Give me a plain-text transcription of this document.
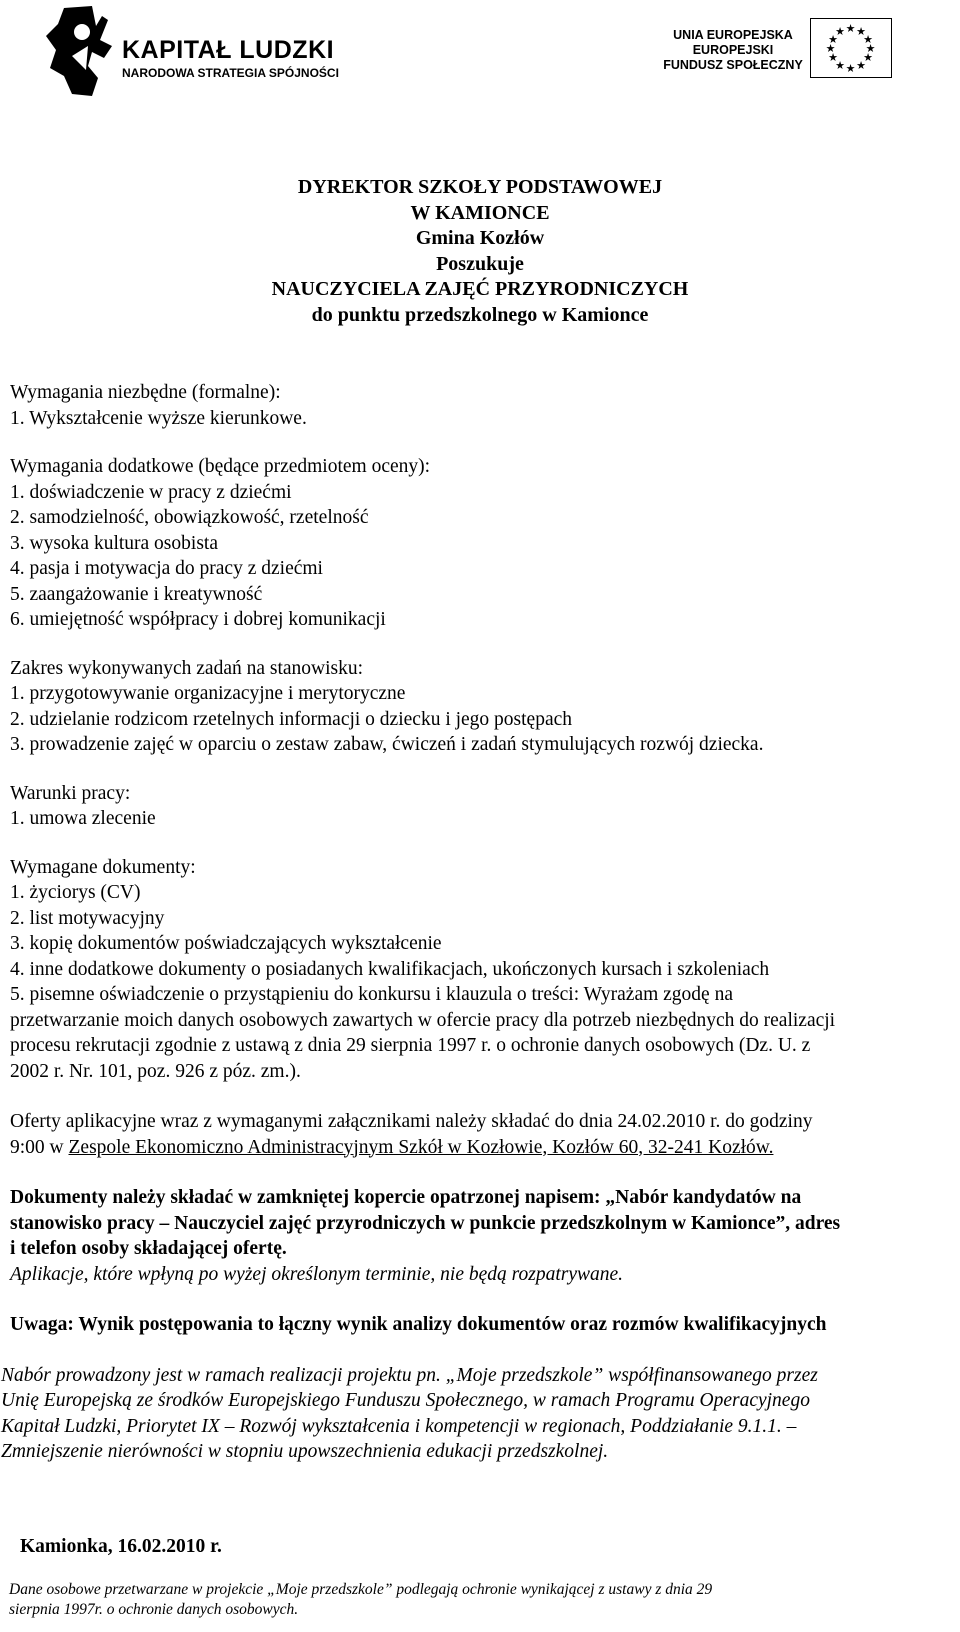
KAPITAŁ LUDZKI
NARODOWA STRATEGIA SPÓJNOŚCI
UNIA EUROPEJSKA
EUROPEJSKI
FUNDUSZ SPOŁECZNY
★ ★
★
★
★
★
★
★
★
★
★
★
DYREKTOR SZKOŁY PODSTAWOWEJ
W KAMIONCE
Gmina Kozłów
Poszukuje
NAUCZYCIELA ZAJĘĆ PRZYRODNICZYCH
do punktu przedszkolnego w Kamionce
Wymagania niezbędne (formalne):
1. Wykształcenie wyższe kierunkowe.
Wymagania dodatkowe (będące przedmiotem oceny):
1. doświadczenie w pracy z dziećmi
2. samodzielność, obowiązkowość, rzetelność
3. wysoka kultura osobista
4. pasja i motywacja do pracy z dziećmi
5. zaangażowanie i kreatywność
6. umiejętność współpracy i dobrej komunikacji
Zakres wykonywanych zadań na stanowisku:
1. przygotowywanie organizacyjne i merytoryczne
2. udzielanie rodzicom rzetelnych informacji o dziecku i jego postępach
3. prowadzenie zajęć w oparciu o zestaw zabaw, ćwiczeń i zadań stymulujących rozwój dziecka.
Warunki pracy:
1. umowa zlecenie
Wymagane dokumenty:
1. życiorys (CV)
2. list motywacyjny
3. kopię dokumentów poświadczających wykształcenie
4. inne dodatkowe dokumenty o posiadanych kwalifikacjach, ukończonych kursach i szkoleniach
5. pisemne oświadczenie o przystąpieniu do konkursu i klauzula o treści: Wyrażam zgodę na
przetwarzanie moich danych osobowych zawartych w ofercie pracy dla potrzeb niezbędnych do realizacji
procesu rekrutacji zgodnie z ustawą z dnia 29 sierpnia 1997 r. o ochronie danych osobowych (Dz. U. z
2002 r. Nr. 101, poz. 926 z póz. zm.).
Oferty aplikacyjne wraz z wymaganymi załącznikami należy składać do dnia 24.02.2010 r. do godziny
9:00 w Zespole Ekonomiczno Administracyjnym Szkół w Kozłowie, Kozłów 60, 32-241 Kozłów.
Dokumenty należy składać w zamkniętej kopercie opatrzonej napisem: „Nabór kandydatów na
stanowisko pracy – Nauczyciel zajęć przyrodniczych w punkcie przedszkolnym w Kamionce”, adres
i telefon osoby składającej ofertę.
Aplikacje, które wpłyną po wyżej określonym terminie, nie będą rozpatrywane.
Uwaga: Wynik postępowania to łączny wynik analizy dokumentów oraz rozmów kwalifikacyjnych
Nabór prowadzony jest w ramach realizacji projektu pn. „Moje przedszkole” współfinansowanego przez
Unię Europejską ze środków Europejskiego Funduszu Społecznego, w ramach Programu Operacyjnego
Kapitał Ludzki, Priorytet IX – Rozwój wykształcenia i kompetencji w regionach, Poddziałanie 9.1.1. –
Zmniejszenie nierówności w stopniu upowszechnienia edukacji przedszkolnej.
Kamionka, 16.02.2010 r.
Dane osobowe przetwarzane w projekcie „Moje przedszkole” podlegają ochronie wynikającej z ustawy z dnia 29
sierpnia 1997r. o ochronie danych osobowych.
